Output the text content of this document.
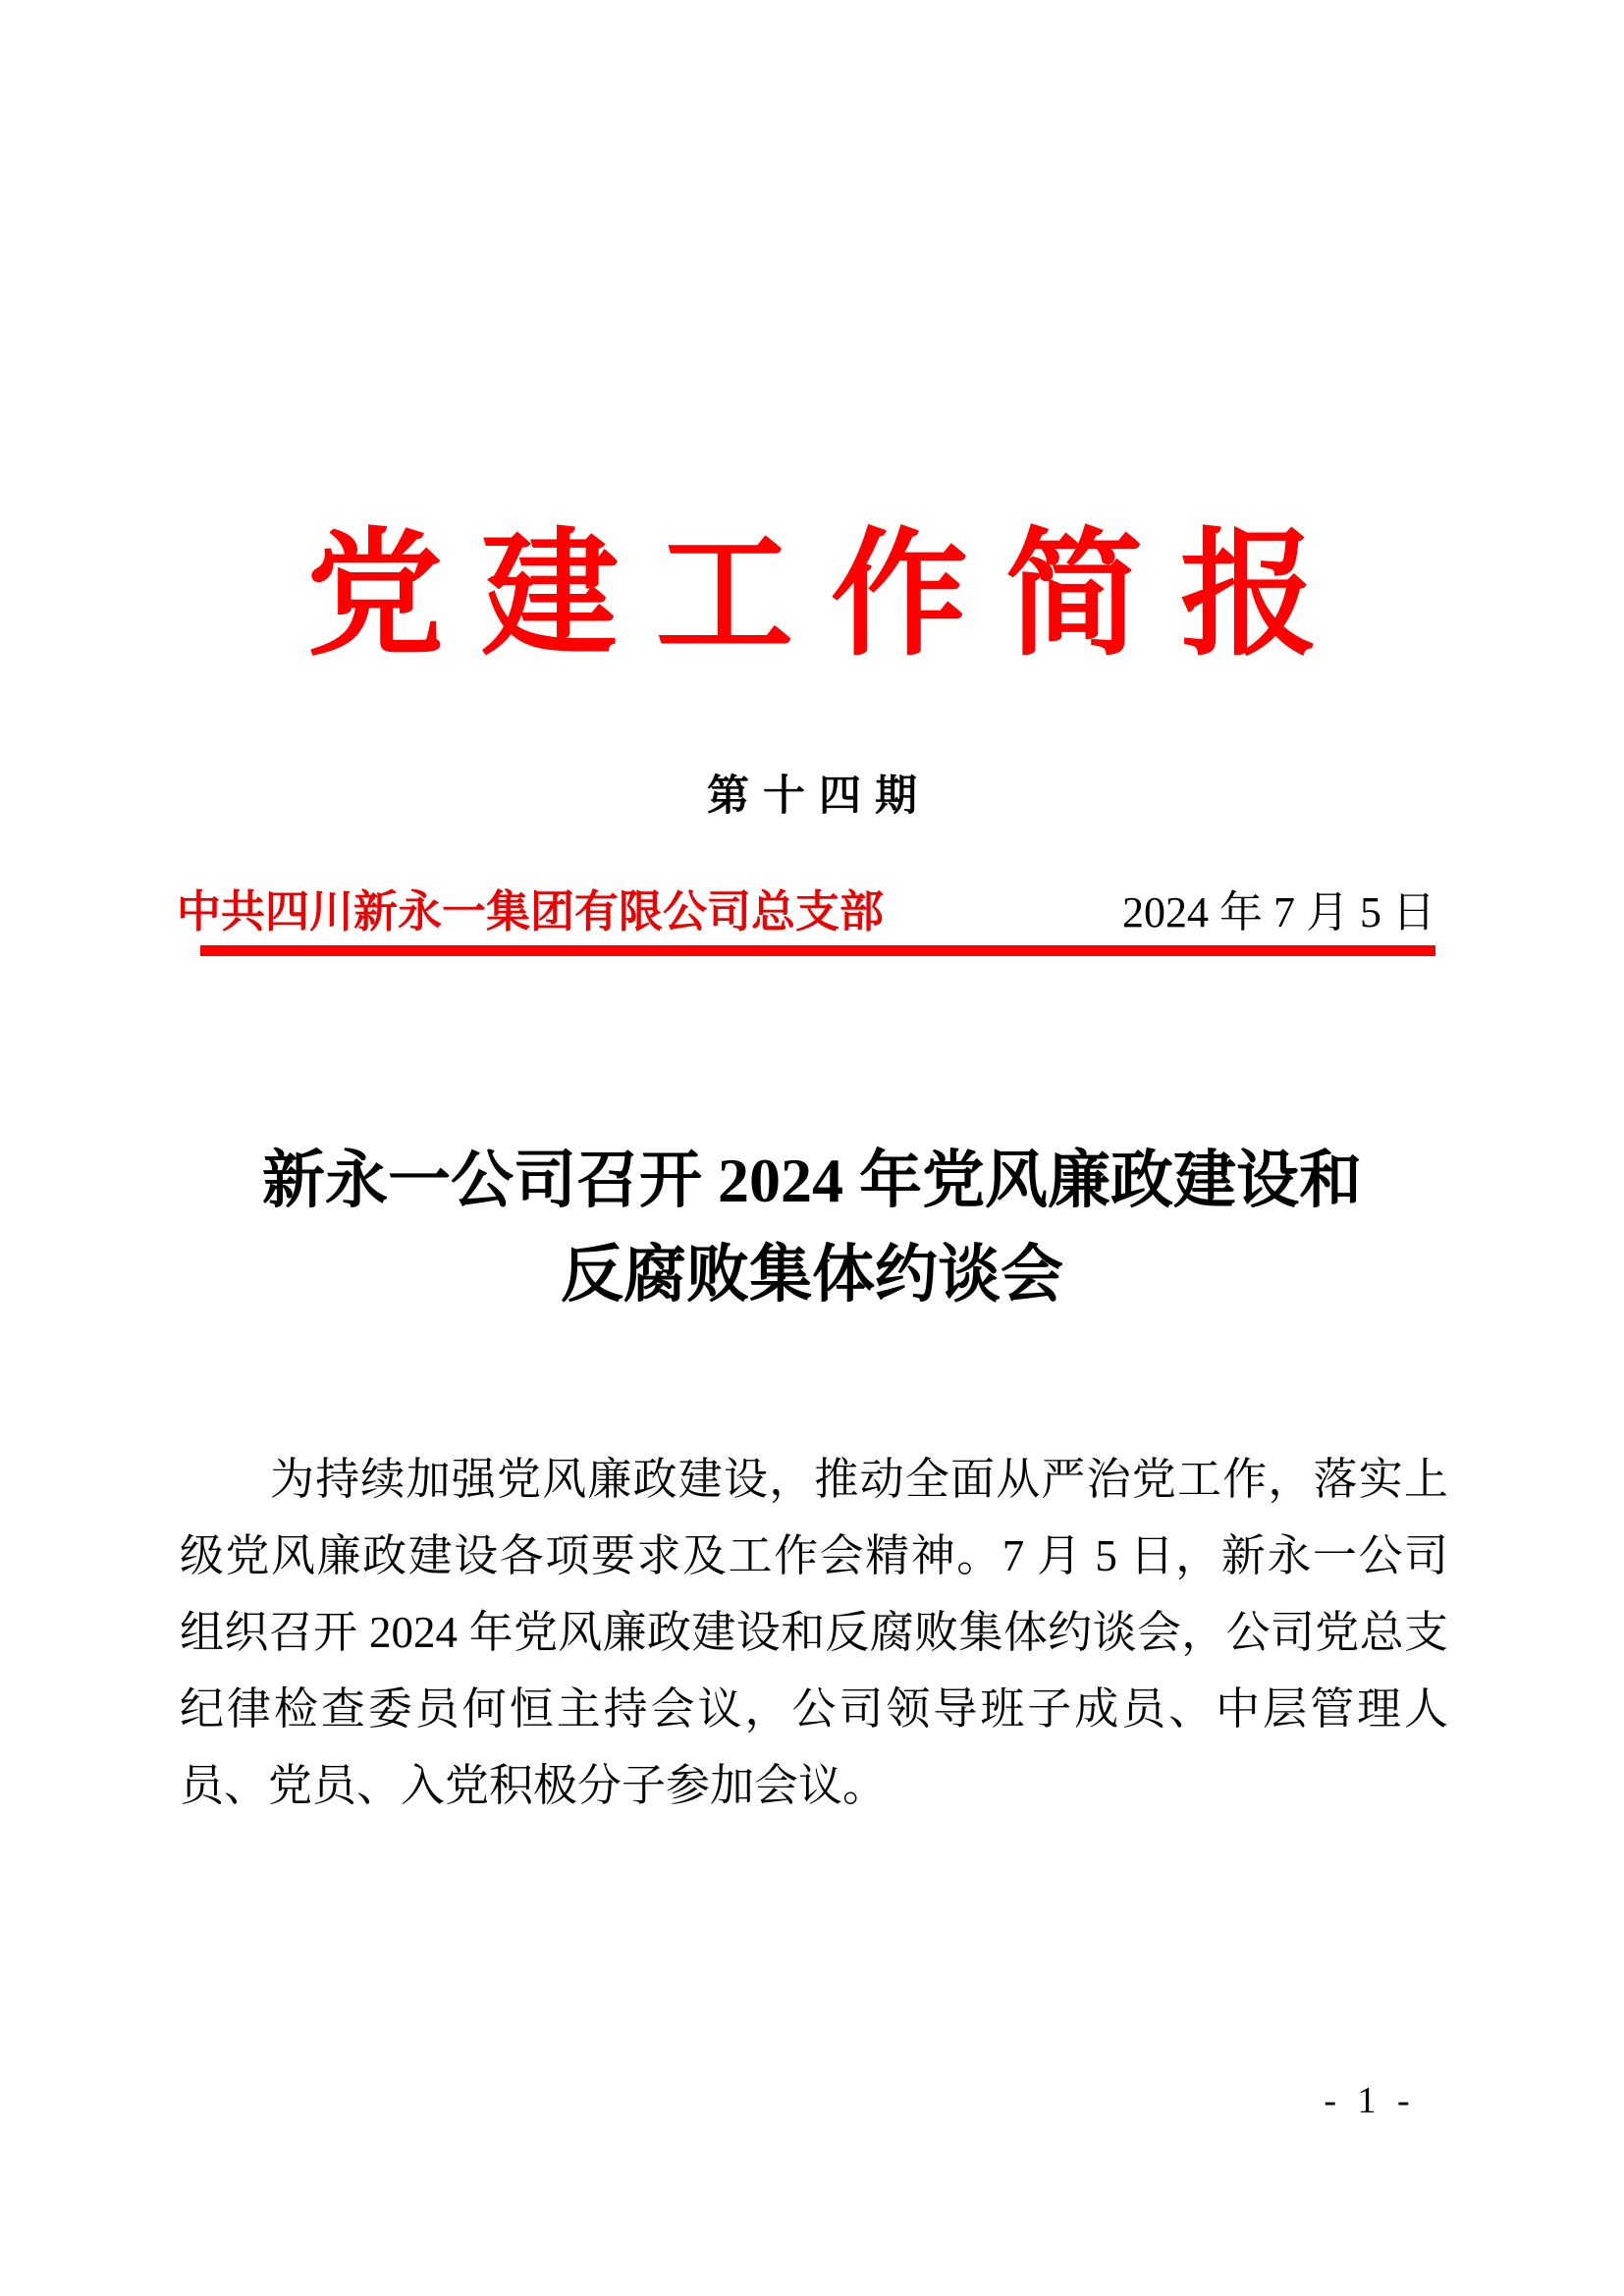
党建工作简报
第十四期
中共四川新永一集团有限公司总支部	2024 年 7 月 5 日
新永一公司召开 2024 年党风廉政建设和
反腐败集体约谈会
为持续加强党风廉政建设，推动全面从严治党工作，落实上级党风廉政建设各项要求及工作会精神。7 月 5 日，新永一公司组织召开 2024 年党风廉政建设和反腐败集体约谈会，公司党总支纪律检查委员何恒主持会议，公司领导班子成员、中层管理人员、党员、入党积极分子参加会议。
- 1 -
